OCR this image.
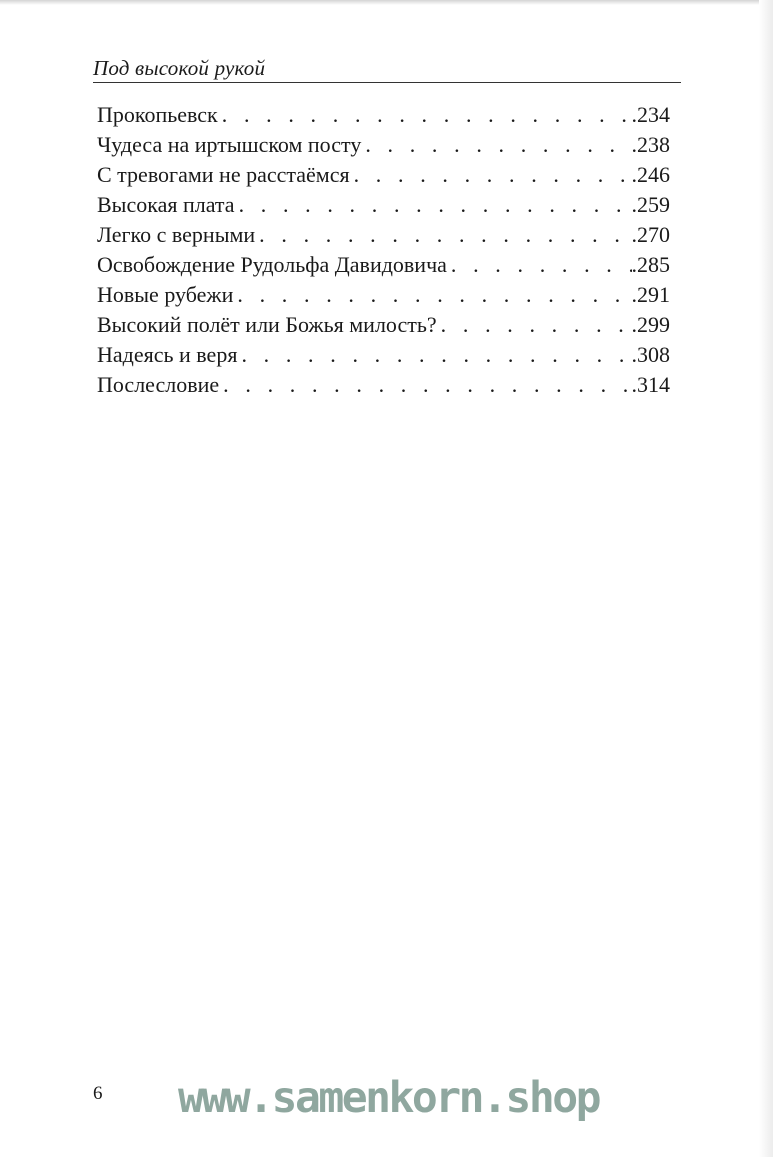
Под высокой рукой
Прокопьевск . . .	.234
Чудеса на иртышском посту . . .	.238
С тревогами не расстаёмся . . .	.246
Высокая плата . . .	.259
Легко с верными . . .	.270
Освобождение Рудольфа Давидовича . . .	.285
Новые рубежи . . .	.291
Высокий полёт или Божья милость? . . .	.299
Надеясь и веря . . .	.308
Послесловие . . .	.314
6 www.samenkorn.shop
